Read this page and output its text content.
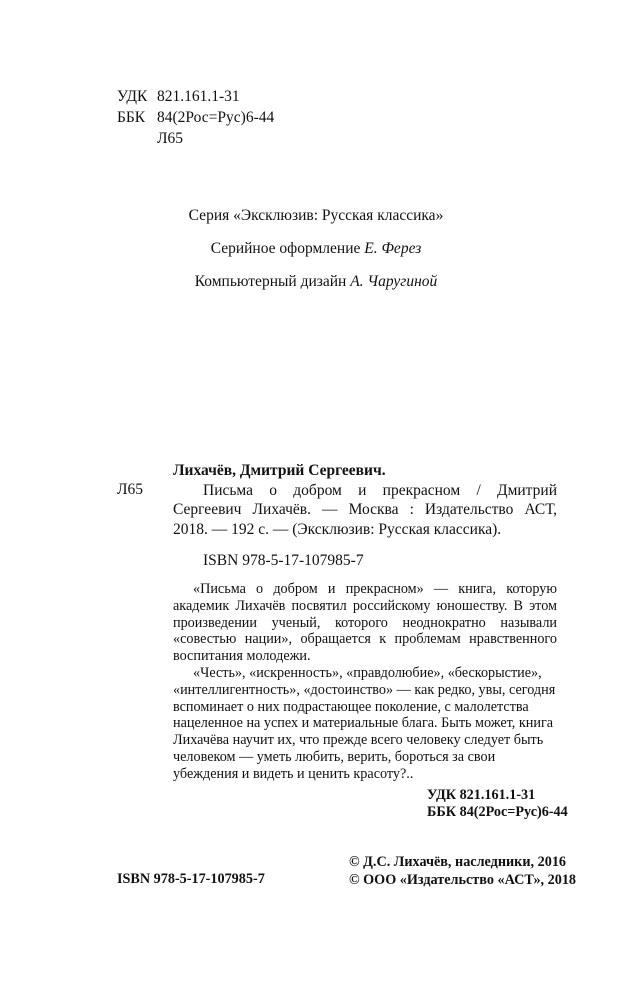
УДК 821.161.1-31
ББК 84(2Рос=Рус)6-44
Л65
Серия «Эксклюзив: Русская классика»
Серийное оформление Е. Ферез
Компьютерный дизайн А. Чаругиной
Л65
Лихачёв, Дмитрий Сергеевич.
Письма о добром и прекрасном / Дмитрий
Сергеевич Лихачёв. — Москва : Издательство АСТ,
2018. — 192 с. — (Эксклюзив: Русская классика).
ISBN 978-5-17-107985-7

«Письма о добром и прекрасном» — книга, которую академик Лихачёв посвятил российскому юношеству. В этом произведении ученый, которого неоднократно называли «совестью нации», обращается к проблемам нравственного воспитания молодежи.

«Честь», «искренность», «правдолюбие», «бескорыстие», «интеллигентность», «достоинство» — как редко, увы, сегодня вспоминает о них подрастающее поколение, с малолетства нацеленное на успех и материальные блага. Быть может, книга Лихачёва научит их, что прежде всего человеку следует быть человеком — уметь любить, верить, бороться за свои убеждения и видеть и ценить красоту?..

УДК 821.161.1-31
ББК 84(2Рос=Рус)6-44
© Д.С. Лихачёв, наследники, 2016
© ООО «Издательство «АСТ», 2018
ISBN 978-5-17-107985-7
